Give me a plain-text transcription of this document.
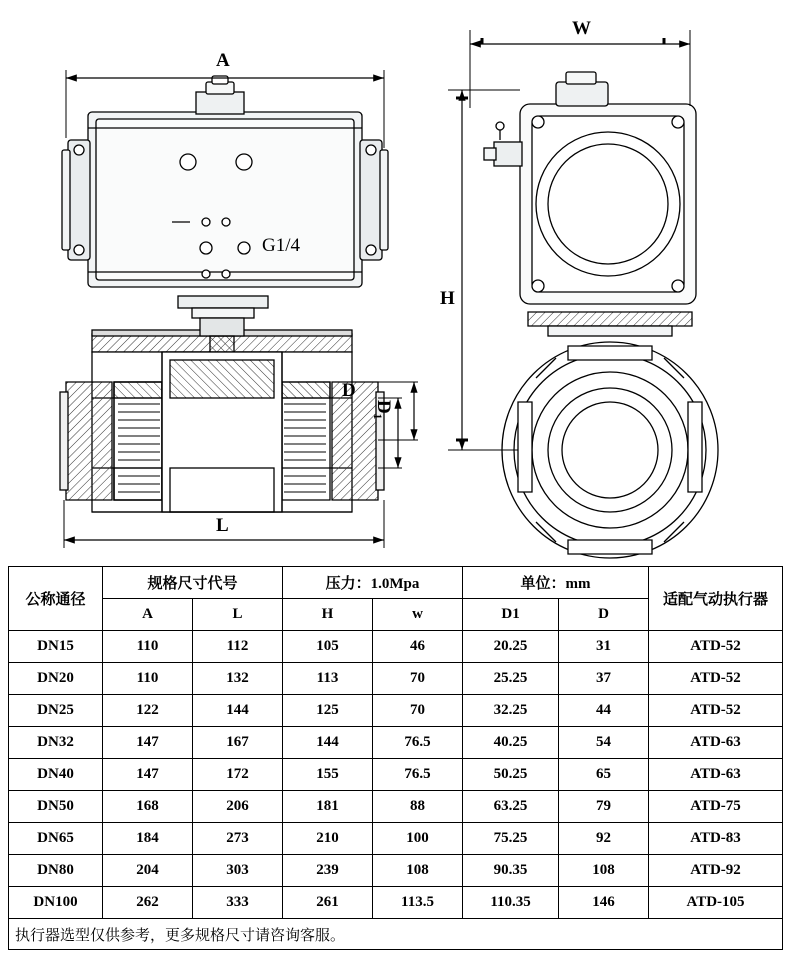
A
L
D
D₁
W
H
G1/4
公称通径	规格尺寸代号		压力：1.0Mpa		单位：mm		适配气动执行器
	A	L	H	w	D1	D	
DN15	110	112	105	46	20.25	31	ATD-52
DN20	110	132	113	70	25.25	37	ATD-52
DN25	122	144	125	70	32.25	44	ATD-52
DN32	147	167	144	76.5	40.25	54	ATD-63
DN40	147	172	155	76.5	50.25	65	ATD-63
DN50	168	206	181	88	63.25	79	ATD-75
DN65	184	273	210	100	75.25	92	ATD-83
DN80	204	303	239	108	90.35	108	ATD-92
DN100	262	333	261	113.5	110.35	146	ATD-105
执行器选型仅供参考，更多规格尺寸请咨询客服。							
